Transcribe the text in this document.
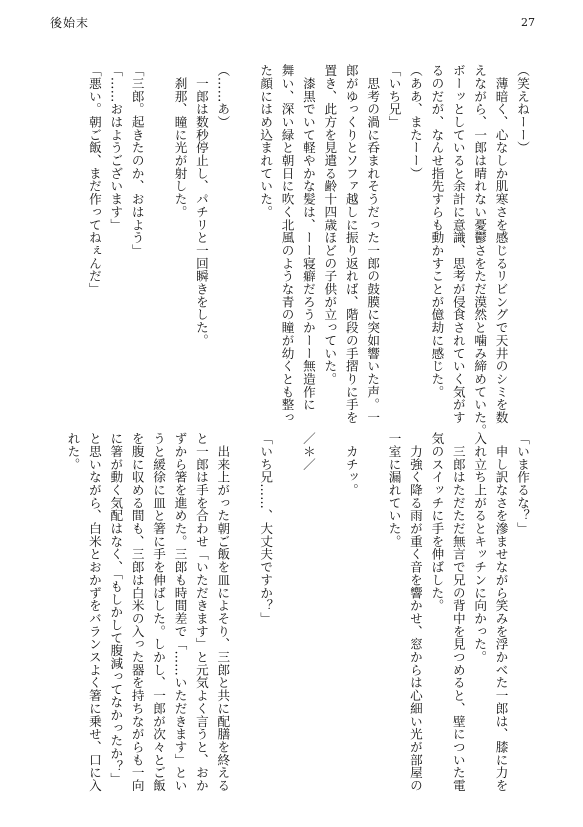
後始末	27
（笑えねーー）
　薄暗く、心なしか肌寒さを感じるリビングで天井のシミを数
えながら、一郎は晴れない憂鬱さをただ漠然と噛み締めていた。
ボーッとしていると余計に意識、思考が侵食されていく気がす
るのだが、なんせ指先すらも動かすことが億劫に感じた。
（ああ、またーー）
「いち兄」
　思考の渦に呑まれそうだった一郎の鼓膜に突如響いた声。一
郎がゆっくりとソファ越しに振り返れば、階段の手摺りに手を
置き、此方を見遣る齢十四歳ほどの子供が立っていた。
　漆黒でいて軽やかな髪は、ーー寝癖だろうかーー無造作に
舞い、深い緑と朝日に吹く北風のような青の瞳が幼くとも整っ
た顔にはめ込まれていた。

（……あ）
　一郎は数秒停止し、パチリと一回瞬きをした。
　刹那、瞳に光が射した。

「三郎。起きたのか、おはよう」
「……おはようございます」
「悪い。朝ご飯、まだ作ってねぇんだ」
「いま作るな？」
　申し訳なさを滲ませながら笑みを浮かべた一郎は、膝に力を
入れ立ち上がるとキッチンに向かった。
　三郎はただただ無言で兄の背中を見つめると、壁についた電
気のスイッチに手を伸ばした。
　力強く降る雨が重く音を響かせ、窓からは心細い光が部屋の
一室に漏れていた。

　カチッ。

／＊／

「いち兄……、大丈夫ですか？」

　出来上がった朝ご飯を皿によそり、三郎と共に配膳を終える
と一郎は手を合わせ「いただきます」と元気よく言うと、おか
ずから箸を進めた。三郎も時間差で「……いただきます」とい
うと緩徐に皿と箸に手を伸ばした。しかし、一郎が次々とご飯
を腹に収める間も、三郎は白米の入った器を持ちながらも一向
に箸が動く気配はなく、「もしかして腹減ってなかったか？」
と思いながら、白米とおかずをバランスよく箸に乗せ、口に入
れた。
